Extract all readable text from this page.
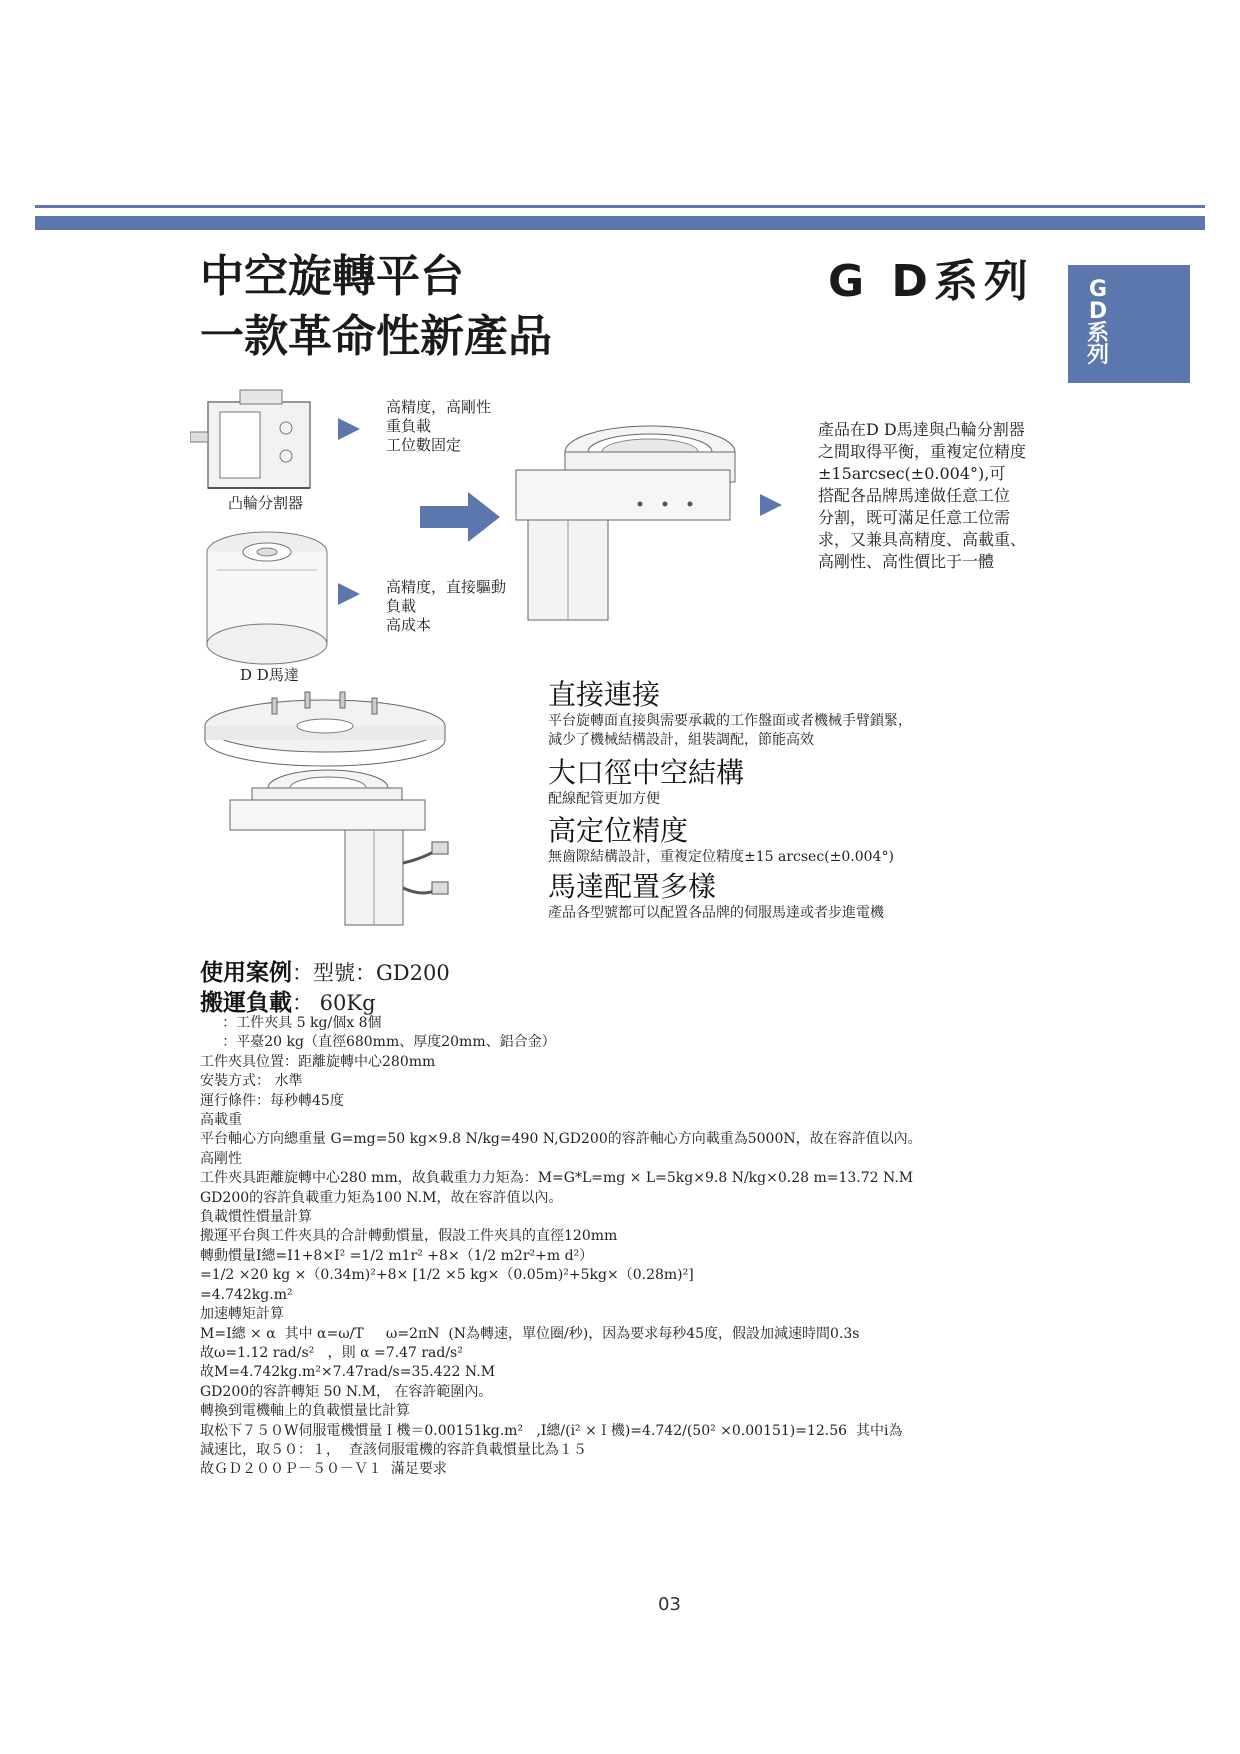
中空旋轉平台
一款革命性新產品
G D系列	G
D
系
列
凸輪分割器
高精度，高剛性
重負載
工位數固定
D D馬達
高精度，直接驅動
負載
高成本
產品在D D馬達與凸輪分割器
之間取得平衡，重複定位精度
±15arcsec(±0.004°),可
搭配各品牌馬達做任意工位
分割，既可滿足任意工位需
求，又兼具高精度、高載重、
高剛性、高性價比于一體
直接連接
平台旋轉面直接與需要承載的工作盤面或者機械手臂鎖緊，
減少了機械結構設計，組裝調配，節能高效
大口徑中空結構
配線配管更加方便
高定位精度
無齒隙結構設計，重複定位精度±15 arcsec(±0.004°)
馬達配置多樣
產品各型號都可以配置各品牌的伺服馬達或者步進電機
使用案例：型號：GD200
搬運負載： 60Kg
：工件夾具 5 kg/個x 8個
：平臺20 kg（直徑680mm、厚度20mm、鋁合金）
工件夾具位置：距離旋轉中心280mm
安裝方式： 水準
運行條件：每秒轉45度
高載重
平台軸心方向總重量 G=mg=50 kg×9.8 N/kg=490 N,GD200的容許軸心方向載重為5000N，故在容許值以內。
高剛性
工件夾具距離旋轉中心280 mm，故負載重力力矩為：M=G*L=mg × L=5kg×9.8 N/kg×0.28 m=13.72 N.M
GD200的容許負載重力矩為100 N.M，故在容許值以內。
負載慣性慣量計算
搬運平台與工件夾具的合計轉動慣量，假設工件夾具的直徑120mm
轉動慣量I總=I1+8×I² =1/2 m1r² +8×（1/2 m2r²+m d²）
=1/2 ×20 kg ×（0.34m)²+8× [1/2 ×5 kg×（0.05m)²+5kg×（0.28m)²]
=4.742kg.m²
加速轉矩計算
M=I總 × α  其中 α=ω/T     ω=2πN  (N為轉速，單位圈/秒)，因為要求每秒45度，假設加減速時間0.3s
故ω=1.12 rad/s²   ，則 α =7.47 rad/s²
故M=4.742kg.m²×7.47rad/s=35.422 N.M
GD200的容許轉矩 50 N.M， 在容許範圍內。
轉換到電機軸上的負載慣量比計算
取松下７５０W伺服電機慣量Ｉ機＝0.00151kg.m²   ,I總/(i² ×Ｉ機)=4.742/(50² ×0.00151)=12.56  其中i為
減速比，取５０：１，  查該伺服電機的容許負載慣量比為１５
故ＧＤ２００Ｐ－５０－Ｖ１  滿足要求
03
